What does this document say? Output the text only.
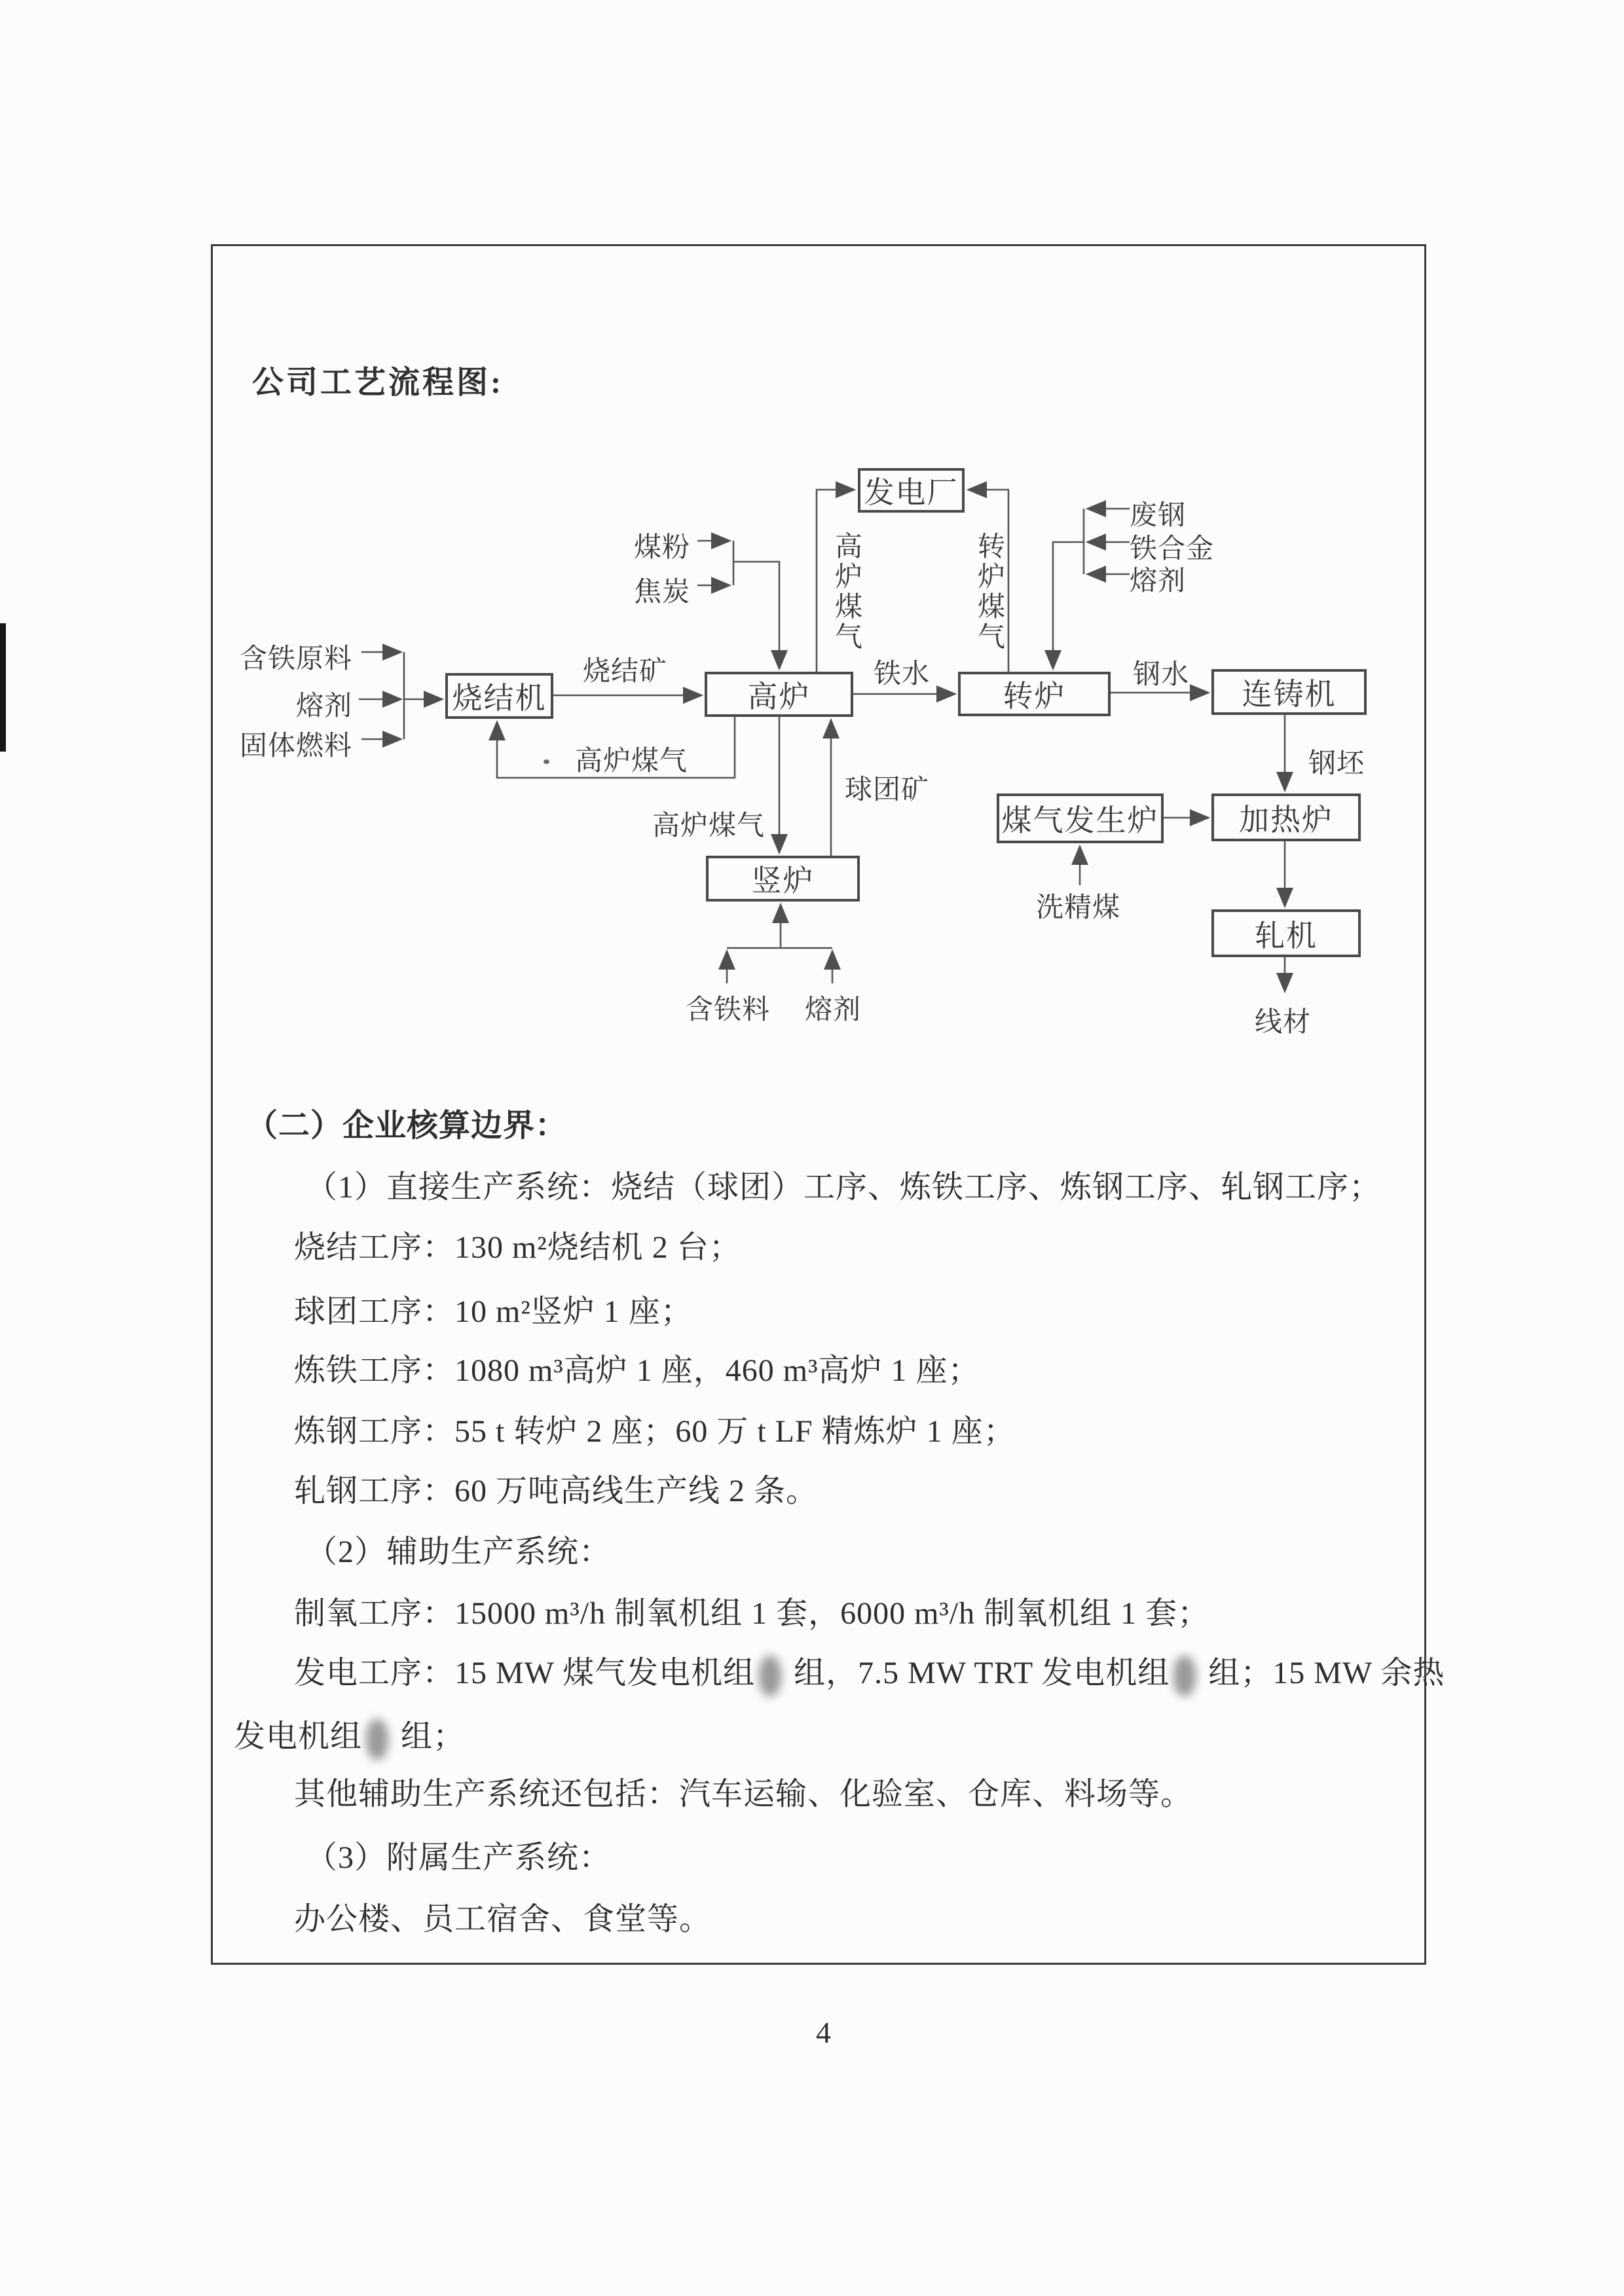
公司工艺流程图:
发电厂
烧结机	高炉	转炉	连铸机
竖炉
煤气发生炉	加热炉
轧机
煤粉
焦炭	高炉煤气	转炉煤气
废钢
铁合金
熔剂
含铁原料
熔剂
固体燃料
烧结矿	铁水	钢水
高炉煤气
高炉煤气
球团矿
钢坯
洗精煤
含铁料 熔剂	线材
（二）企业核算边界：
（1）直接生产系统：烧结（球团）工序、炼铁工序、炼钢工序、轧钢工序；
烧结工序：130 m²烧结机 2 台；
球团工序：10 m²竖炉 1 座；
炼铁工序：1080 m³高炉 1 座，460 m³高炉 1 座；
炼钢工序：55 t 转炉 2 座；60 万 t LF 精炼炉 1 座；
轧钢工序：60 万吨高线生产线 2 条。
（2）辅助生产系统：
制氧工序：15000 m³/h 制氧机组 1 套，6000 m³/h 制氧机组 1 套；
发电工序：15 MW 煤气发电机组 组，7.5 MW TRT 发电机组 组；15 MW 余热
发电机组 组；
其他辅助生产系统还包括：汽车运输、化验室、仓库、料场等。
（3）附属生产系统：
办公楼、员工宿舍、食堂等。
4
